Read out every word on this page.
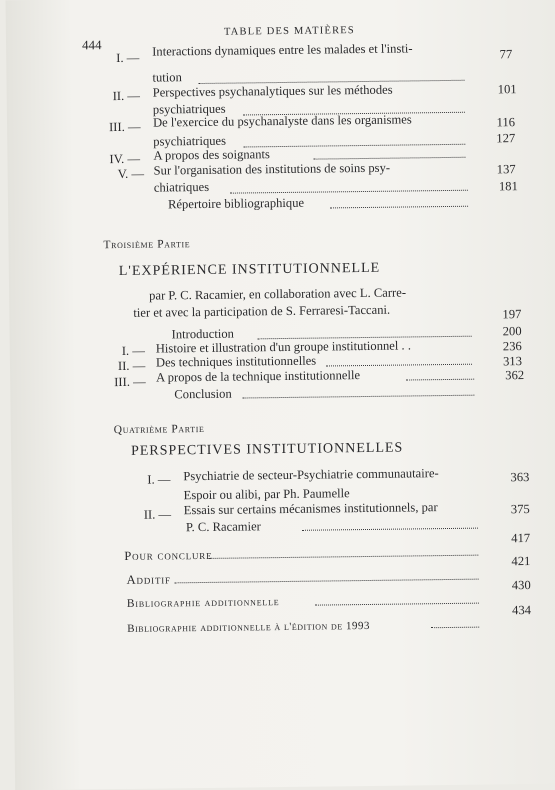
444
TABLE DES MATIÈRES
I. — Interactions dynamiques entre les malades et l'insti-
tution
77
II. — Perspectives psychanalytiques sur les méthodes
psychiatriques
101
III. — De l'exercice du psychanalyste dans les organismes
psychiatriques
116
IV. — A propos des soignants
127
V. — Sur l'organisation des institutions de soins psy-
chiatriques
137
Répertoire bibliographique
181
Troisième Partie
L'EXPÉRIENCE INSTITUTIONNELLE
par P. C. Racamier, en collaboration avec L. Carre-
tier et avec la participation de S. Ferraresi-Taccani.
Introduction
197
I. — Histoire et illustration d'un groupe institutionnel . .
200
II. — Des techniques institutionnelles
236
III. — A propos de la technique institutionnelle
313
Conclusion
362
Quatrième Partie
PERSPECTIVES INSTITUTIONNELLES
I. — Psychiatrie de secteur-Psychiatrie communautaire-
Espoir ou alibi, par Ph. Paumelle
363
II. — Essais sur certains mécanismes institutionnels, par
P. C. Racamier
375
Pour conclure
417
Additif
421
Bibliographie additionnelle
430
Bibliographie additionnelle à l'édition de 1993
434
